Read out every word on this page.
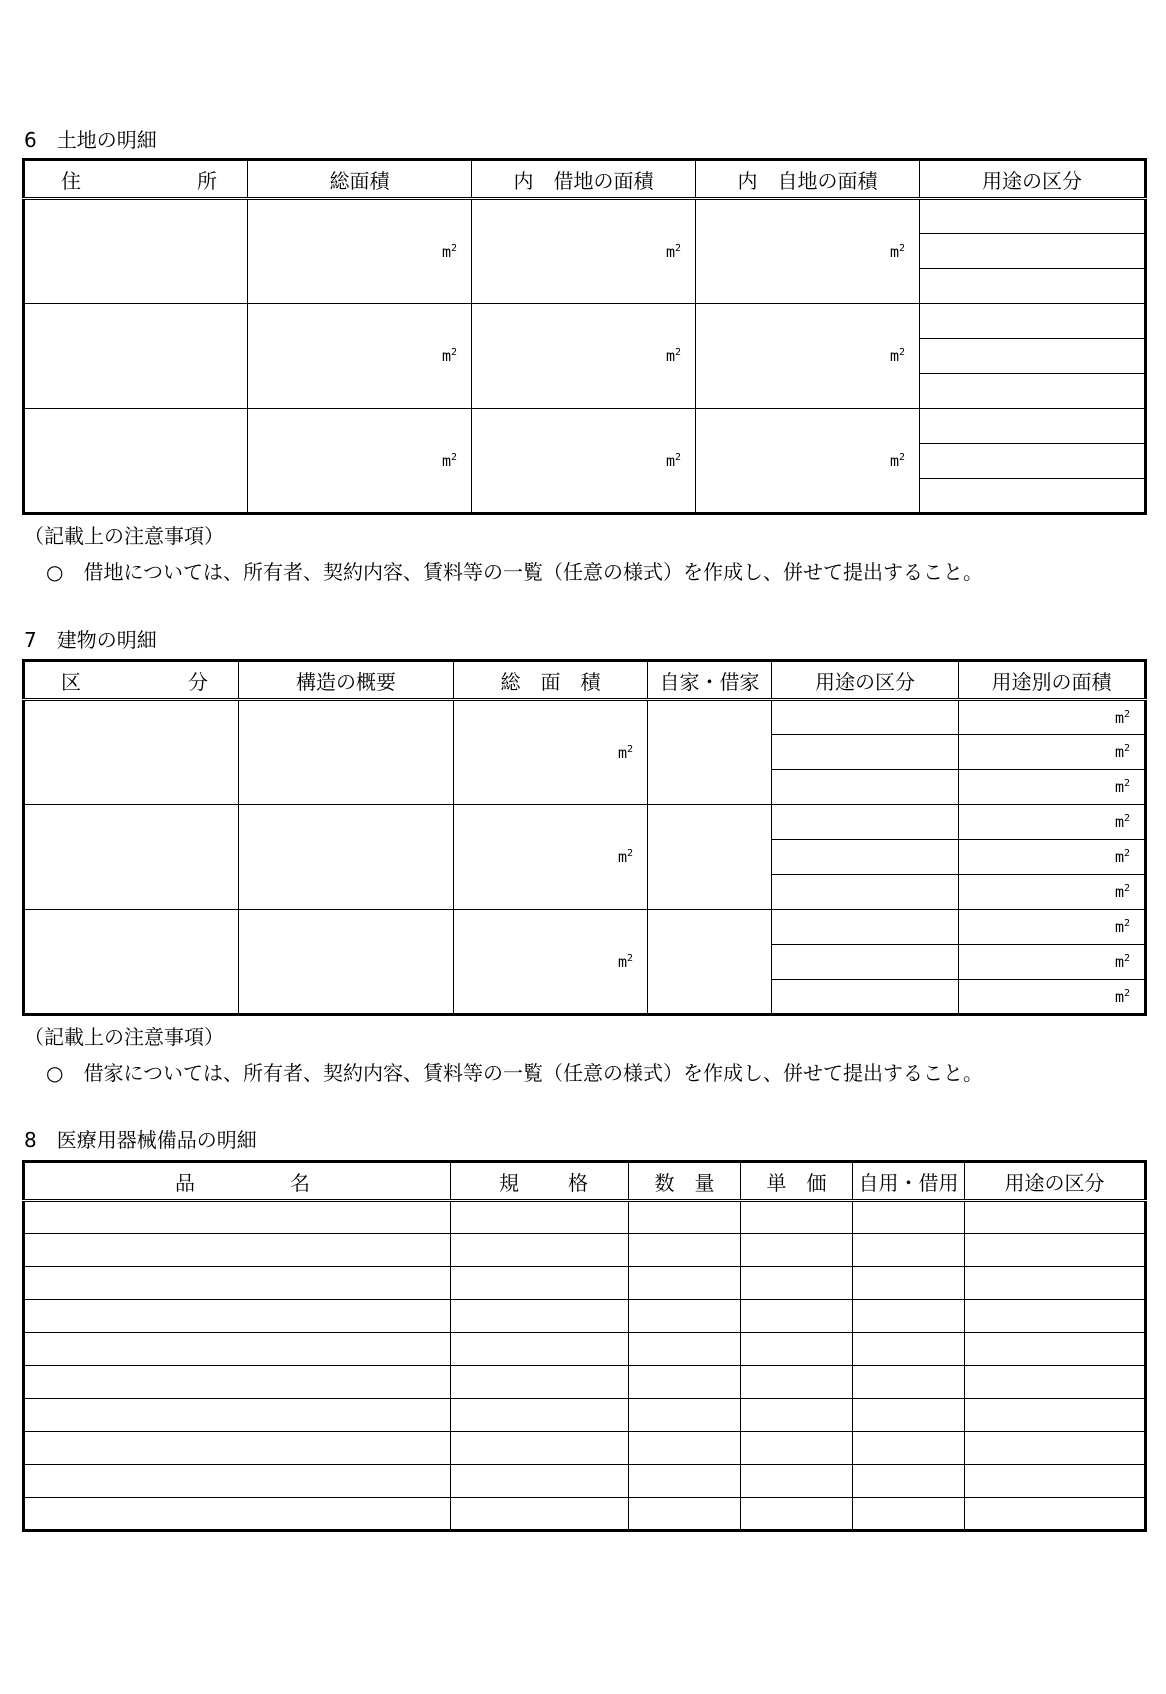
6　土地の明細
住 所	総面積	内　借地の面積	内　自地の面積	用途の区分
	$m^2$	$m^2$	$m^2$	

	$m^2$	$m^2$	$m^2$	

	$m^2$	$m^2$	$m^2$	

（記載上の注意事項）
○　借地については、所有者、契約内容、賃料等の一覧（任意の様式）を作成し、併せて提出すること。
7　建物の明細
区 分	構造の概要	総　面　積	自家・借家	用途の区分	用途別の面積
		$m^2$			$m^2$
					$m^2$
					$m^2$
		$m^2$			$m^2$
					$m^2$
					$m^2$
		$m^2$			$m^2$
					$m^2$
					$m^2$
（記載上の注意事項）
○　借家については、所有者、契約内容、賃料等の一覧（任意の様式）を作成し、併せて提出すること。
8　医療用器械備品の明細
品 名	規 格	数　量	単　価	自用・借用	用途の区分
